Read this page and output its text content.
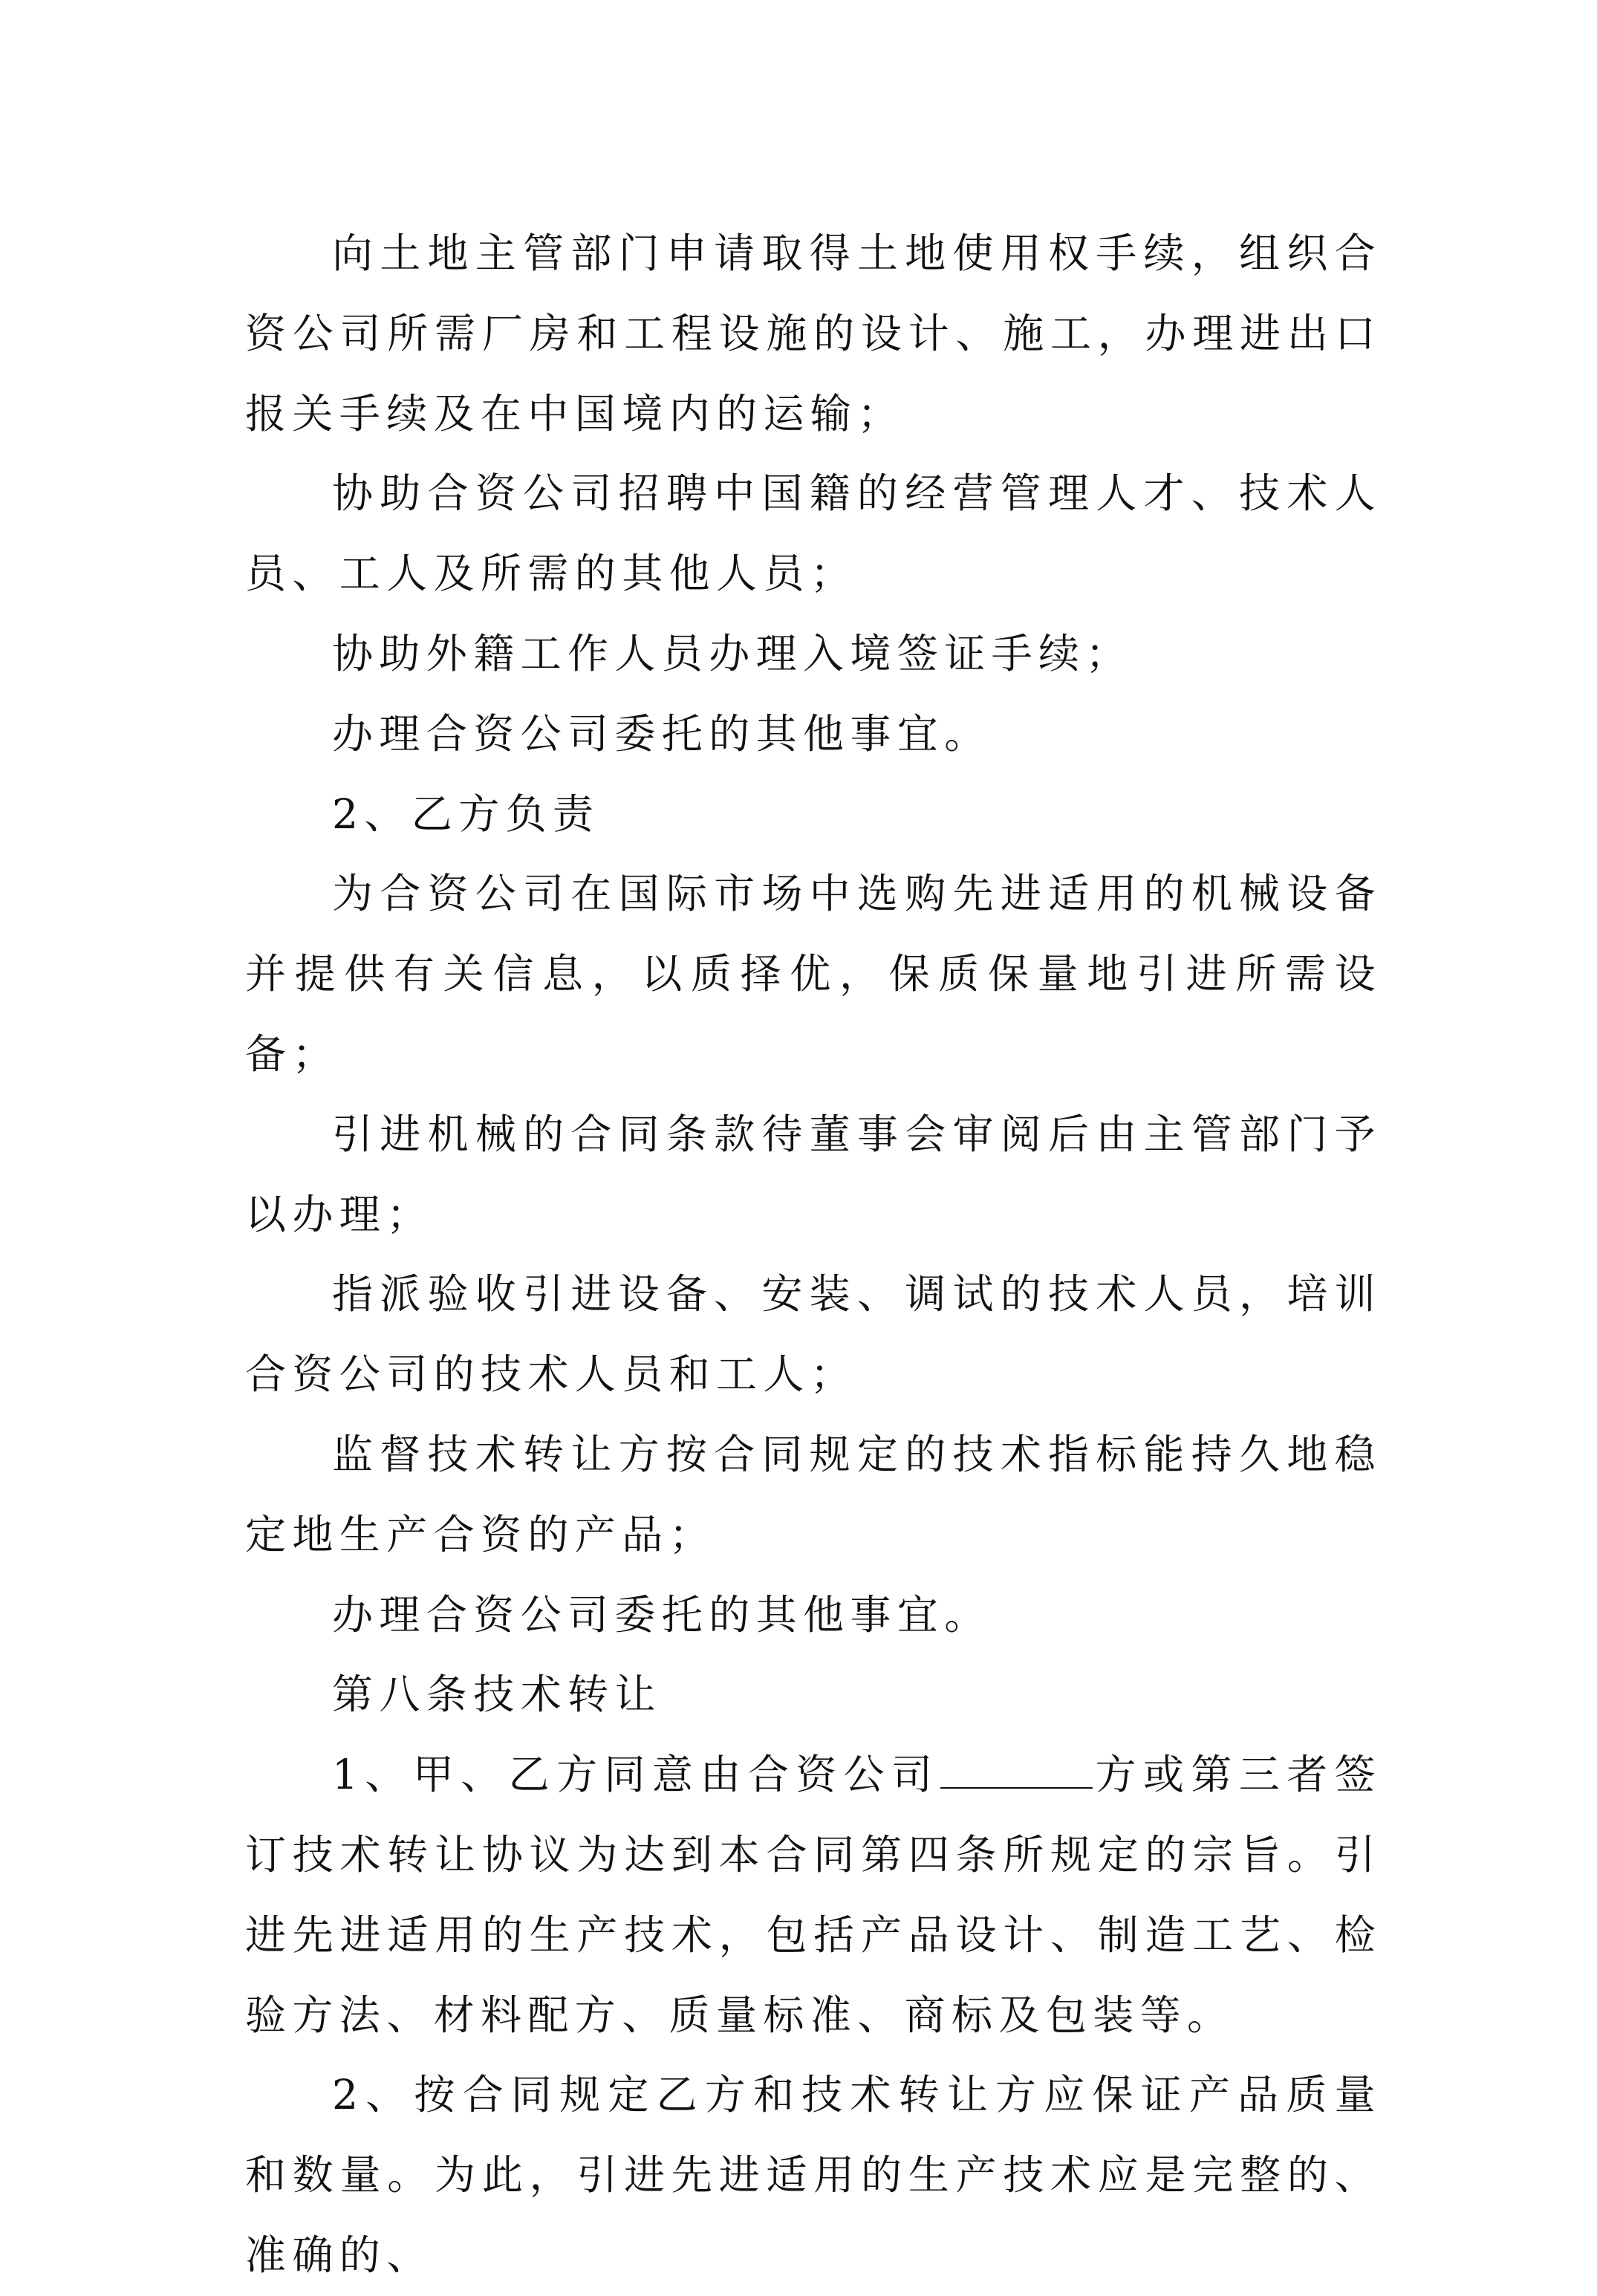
向土地主管部门申请取得土地使用权手续，组织合资公司所需厂房和工程设施的设计、施工，办理进出口报关手续及在中国境内的运输；

协助合资公司招聘中国籍的经营管理人才、技术人员、工人及所需的其他人员；

协助外籍工作人员办理入境签证手续；

办理合资公司委托的其他事宜。

2、乙方负责

为合资公司在国际市场中选购先进适用的机械设备并提供有关信息，以质择优，保质保量地引进所需设备；

引进机械的合同条款待董事会审阅后由主管部门予以办理；

指派验收引进设备、安装、调试的技术人员，培训合资公司的技术人员和工人；

监督技术转让方按合同规定的技术指标能持久地稳定地生产合资的产品；

办理合资公司委托的其他事宜。

第八条技术转让

1、甲、乙方同意由合资公司	方或第三者签订技术转让协议为达到本合同第四条所规定的宗旨。引进先进适用的生产技术，包括产品设计、制造工艺、检验方法、材料配方、质量标准、商标及包装等。

2、按合同规定乙方和技术转让方应保证产品质量和数量。为此，引进先进适用的生产技术应是完整的、准确的、
